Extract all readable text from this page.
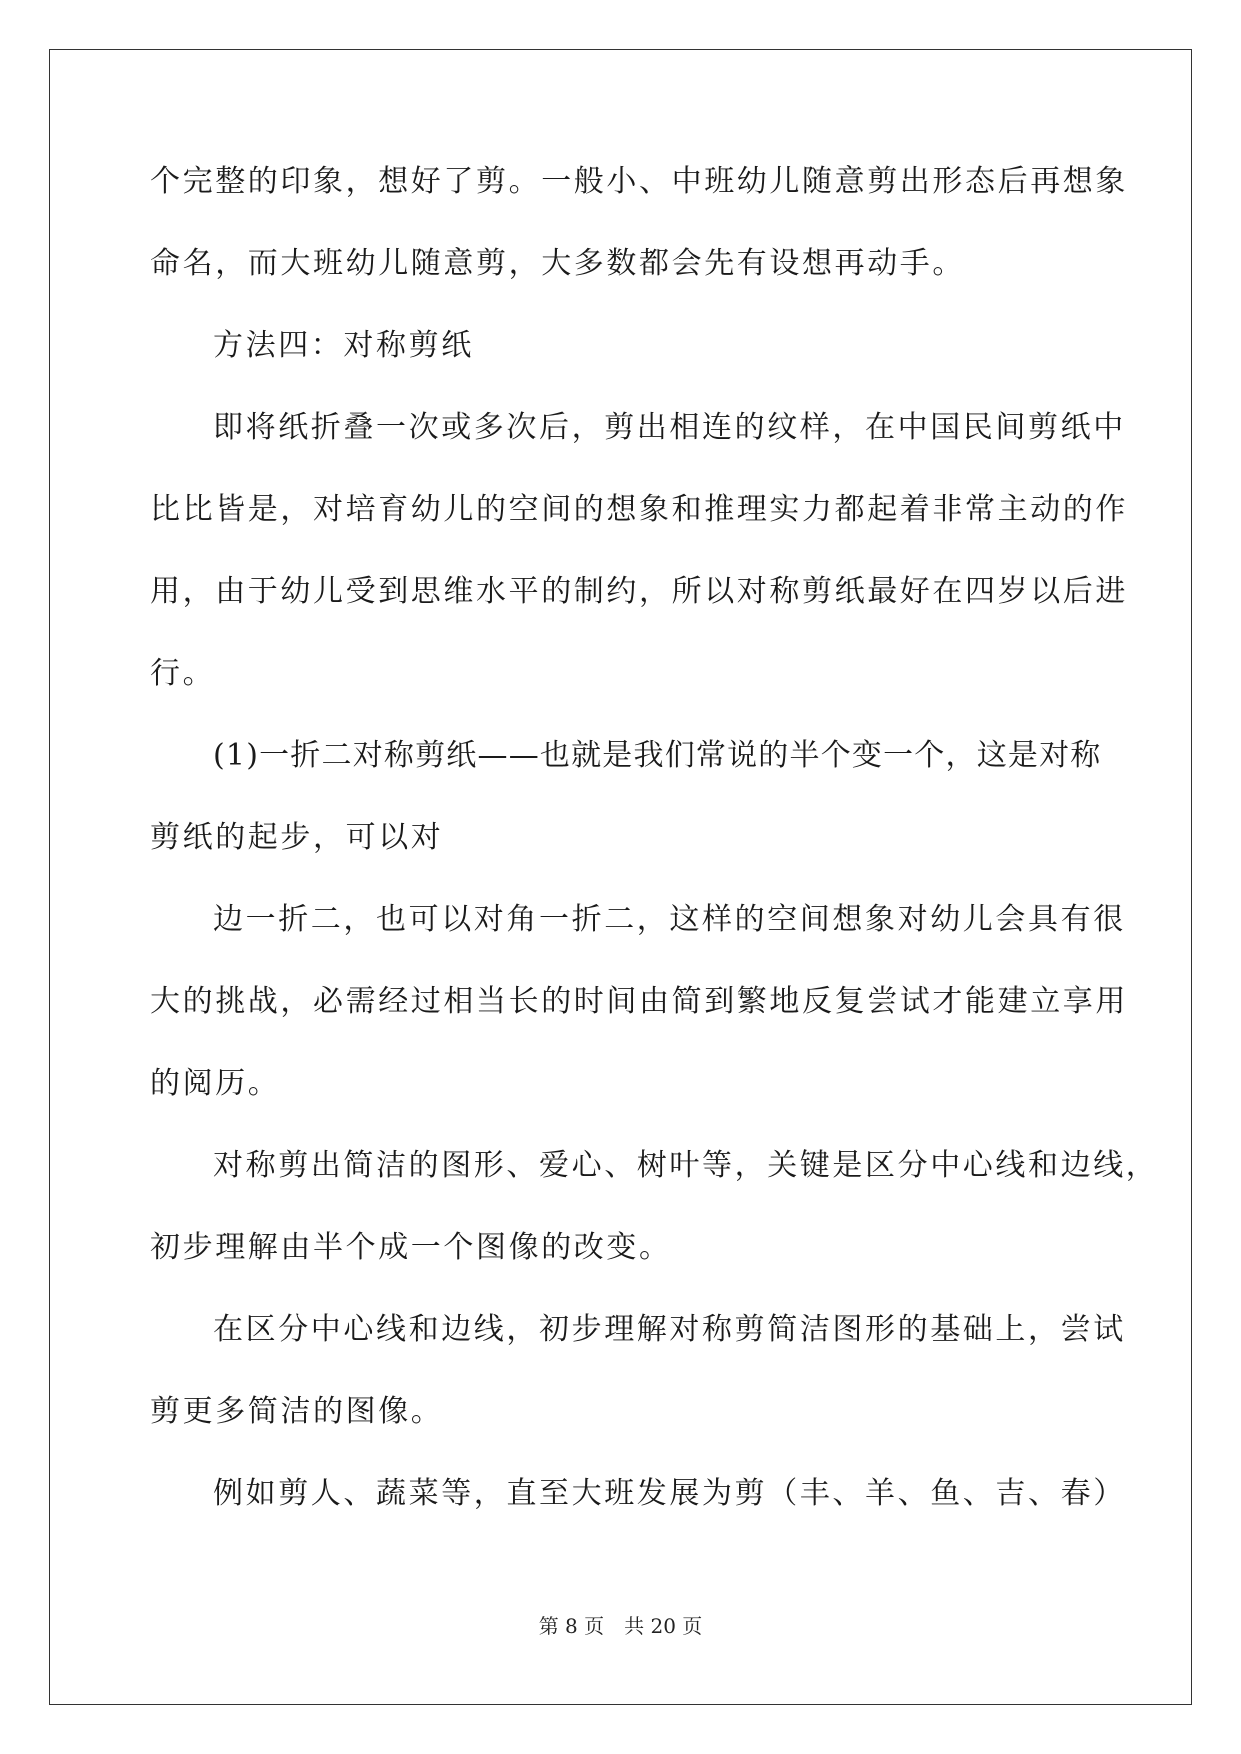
个完整的印象，想好了剪。一般小、中班幼儿随意剪出形态后再想象
命名，而大班幼儿随意剪，大多数都会先有设想再动手。
方法四：对称剪纸
即将纸折叠一次或多次后，剪出相连的纹样，在中国民间剪纸中
比比皆是，对培育幼儿的空间的想象和推理实力都起着非常主动的作
用，由于幼儿受到思维水平的制约，所以对称剪纸最好在四岁以后进
行。
(1)一折二对称剪纸——也就是我们常说的半个变一个，这是对称
剪纸的起步，可以对
边一折二，也可以对角一折二，这样的空间想象对幼儿会具有很
大的挑战，必需经过相当长的时间由简到繁地反复尝试才能建立享用
的阅历。
对称剪出简洁的图形、爱心、树叶等，关键是区分中心线和边线，
初步理解由半个成一个图像的改变。
在区分中心线和边线，初步理解对称剪简洁图形的基础上，尝试
剪更多简洁的图像。
例如剪人、蔬菜等，直至大班发展为剪（丰、羊、鱼、吉、春）
第 8 页 共 20 页
